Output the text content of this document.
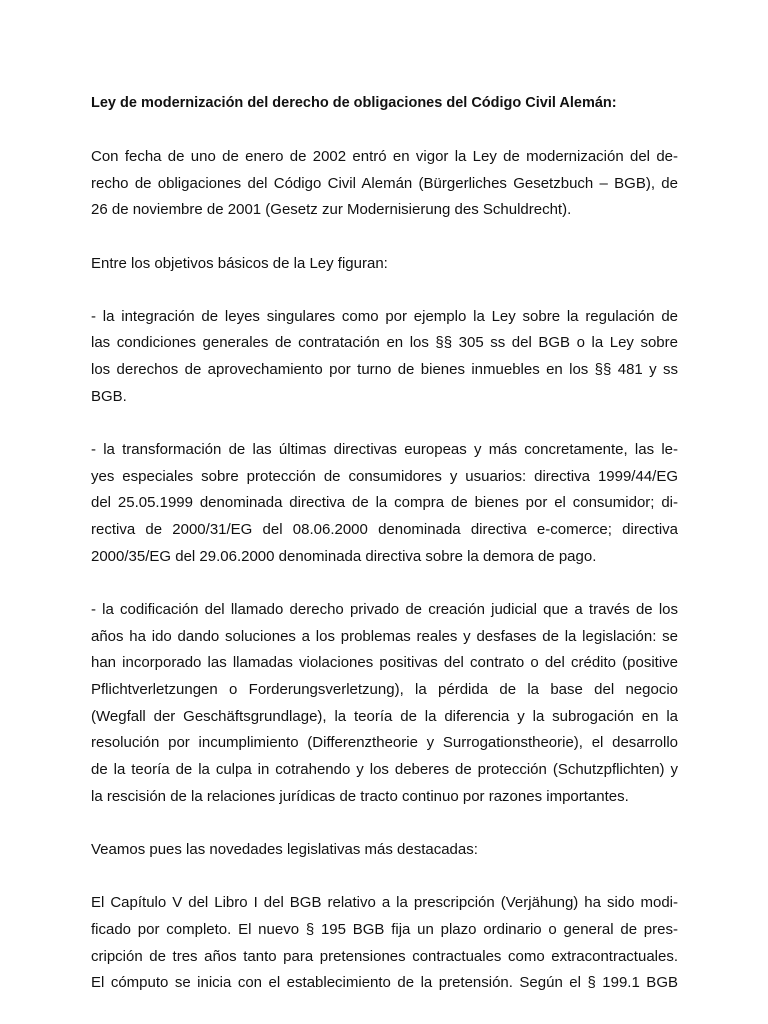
Ley de modernización del derecho de obligaciones del Código Civil Alemán:
Con fecha de uno de enero de 2002 entró en vigor la Ley de modernización del de-
recho de obligaciones del Código Civil Alemán (Bürgerliches Gesetzbuch – BGB), de
26 de noviembre de 2001 (Gesetz zur Modernisierung des Schuldrecht).
Entre los objetivos básicos de la Ley figuran:
- la integración de leyes singulares como por ejemplo la Ley sobre la regulación de
las condiciones generales de contratación en los §§ 305 ss del BGB o la Ley sobre
los derechos de aprovechamiento por turno de bienes inmuebles en los §§ 481 y ss
BGB.
- la transformación de las últimas directivas europeas y más concretamente, las le-
yes especiales sobre protección de consumidores y usuarios: directiva 1999/44/EG
del 25.05.1999 denominada directiva de la compra de bienes por el consumidor; di-
rectiva de 2000/31/EG del 08.06.2000 denominada directiva e-comerce; directiva
2000/35/EG del 29.06.2000 denominada directiva sobre la demora de pago.
- la codificación del llamado derecho privado de creación judicial que a través de los
años ha ido dando soluciones a los problemas reales y desfases de la legislación: se
han incorporado las llamadas violaciones positivas del contrato o del crédito (positive
Pflichtverletzungen o Forderungsverletzung), la pérdida de la base del negocio
(Wegfall der Geschäftsgrundlage), la teoría de la diferencia y la subrogación en la
resolución por incumplimiento (Differenztheorie y Surrogationstheorie), el desarrollo
de la teoría de la culpa in cotrahendo y los deberes de protección (Schutzpflichten) y
la rescisión de la relaciones jurídicas de tracto continuo por razones importantes.
Veamos pues las novedades legislativas más destacadas:
El Capítulo V del Libro I del BGB relativo a la prescripción (Verjähung) ha sido modi-
ficado por completo. El nuevo § 195 BGB fija un plazo ordinario o general de pres-
cripción de tres años tanto para pretensiones contractuales como extracontractuales.
El cómputo se inicia con el establecimiento de la pretensión. Según el § 199.1 BGB
